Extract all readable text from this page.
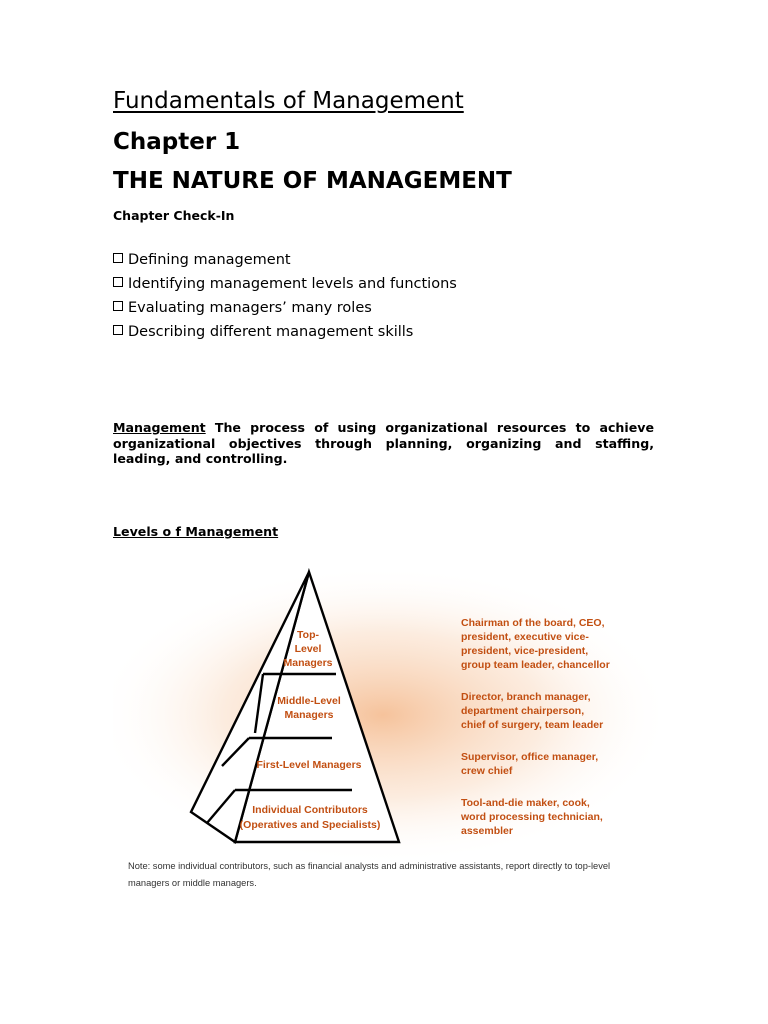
Fundamentals of Management
Chapter 1
THE NATURE OF MANAGEMENT
Chapter Check-In
Defining management
Identifying management levels and functions
Evaluating managers’ many roles
Describing different management skills

Management The process of using organizational resources to achieve organizational objectives through planning, organizing and staffing, leading, and controlling.

Levels o f Management
Top-
Level
Managers
Middle-Level
Managers
First-Level Managers
Individual Contributors
(Operatives and Specialists)
Chairman of the board, CEO,
president, executive vice-
president, vice-president,
group team leader, chancellor
Director, branch manager,
department chairperson,
chief of surgery, team leader
Supervisor, office manager,
crew chief
Tool-and-die maker, cook,
word processing technician,
assembler

Note: some individual contributors, such as financial analysts and administrative assistants, report directly to top-level managers or middle managers.
